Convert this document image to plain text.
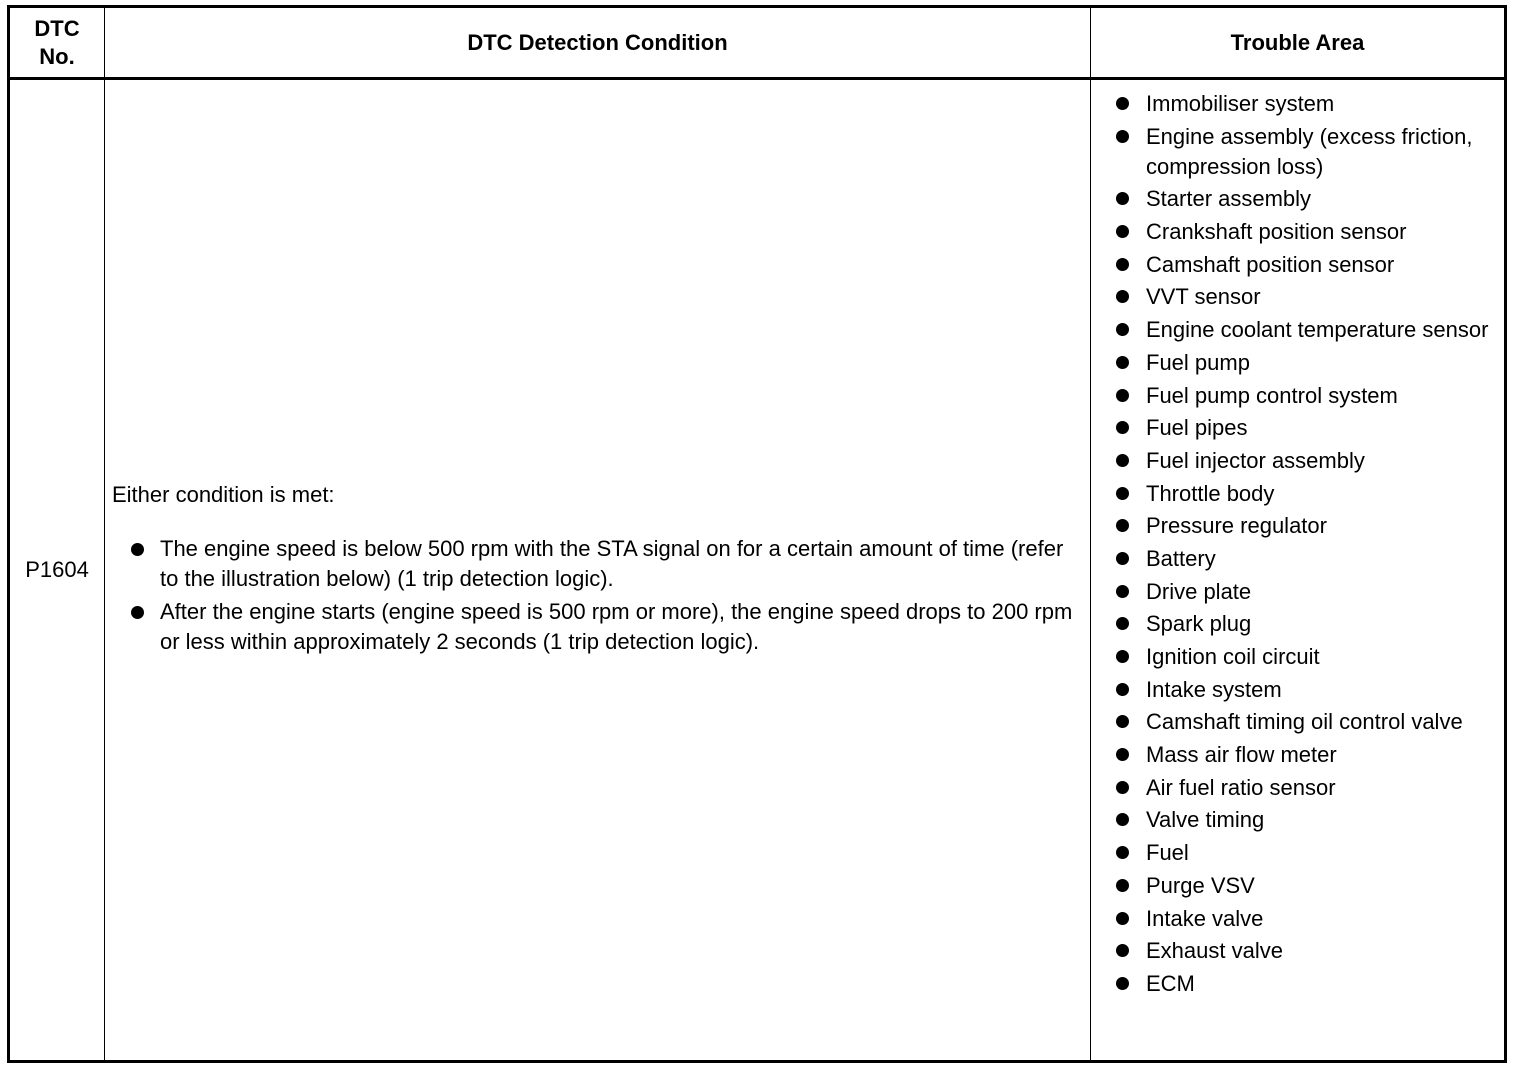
DTC
No.
DTC Detection Condition	Trouble Area
P1604
Either condition is met:
The engine speed is below 500 rpm with the STA signal on for a certain amount of time (refer to the illustration below) (1 trip detection logic).
After the engine starts (engine speed is 500 rpm or more), the engine speed drops to 200 rpm or less within approximately 2 seconds (1 trip detection logic).
Immobiliser system
Engine assembly (excess friction, compression loss)
Starter assembly
Crankshaft position sensor
Camshaft position sensor
VVT sensor
Engine coolant temperature sensor
Fuel pump
Fuel pump control system
Fuel pipes
Fuel injector assembly
Throttle body
Pressure regulator
Battery
Drive plate
Spark plug
Ignition coil circuit
Intake system
Camshaft timing oil control valve
Mass air flow meter
Air fuel ratio sensor
Valve timing
Fuel
Purge VSV
Intake valve
Exhaust valve
ECM
